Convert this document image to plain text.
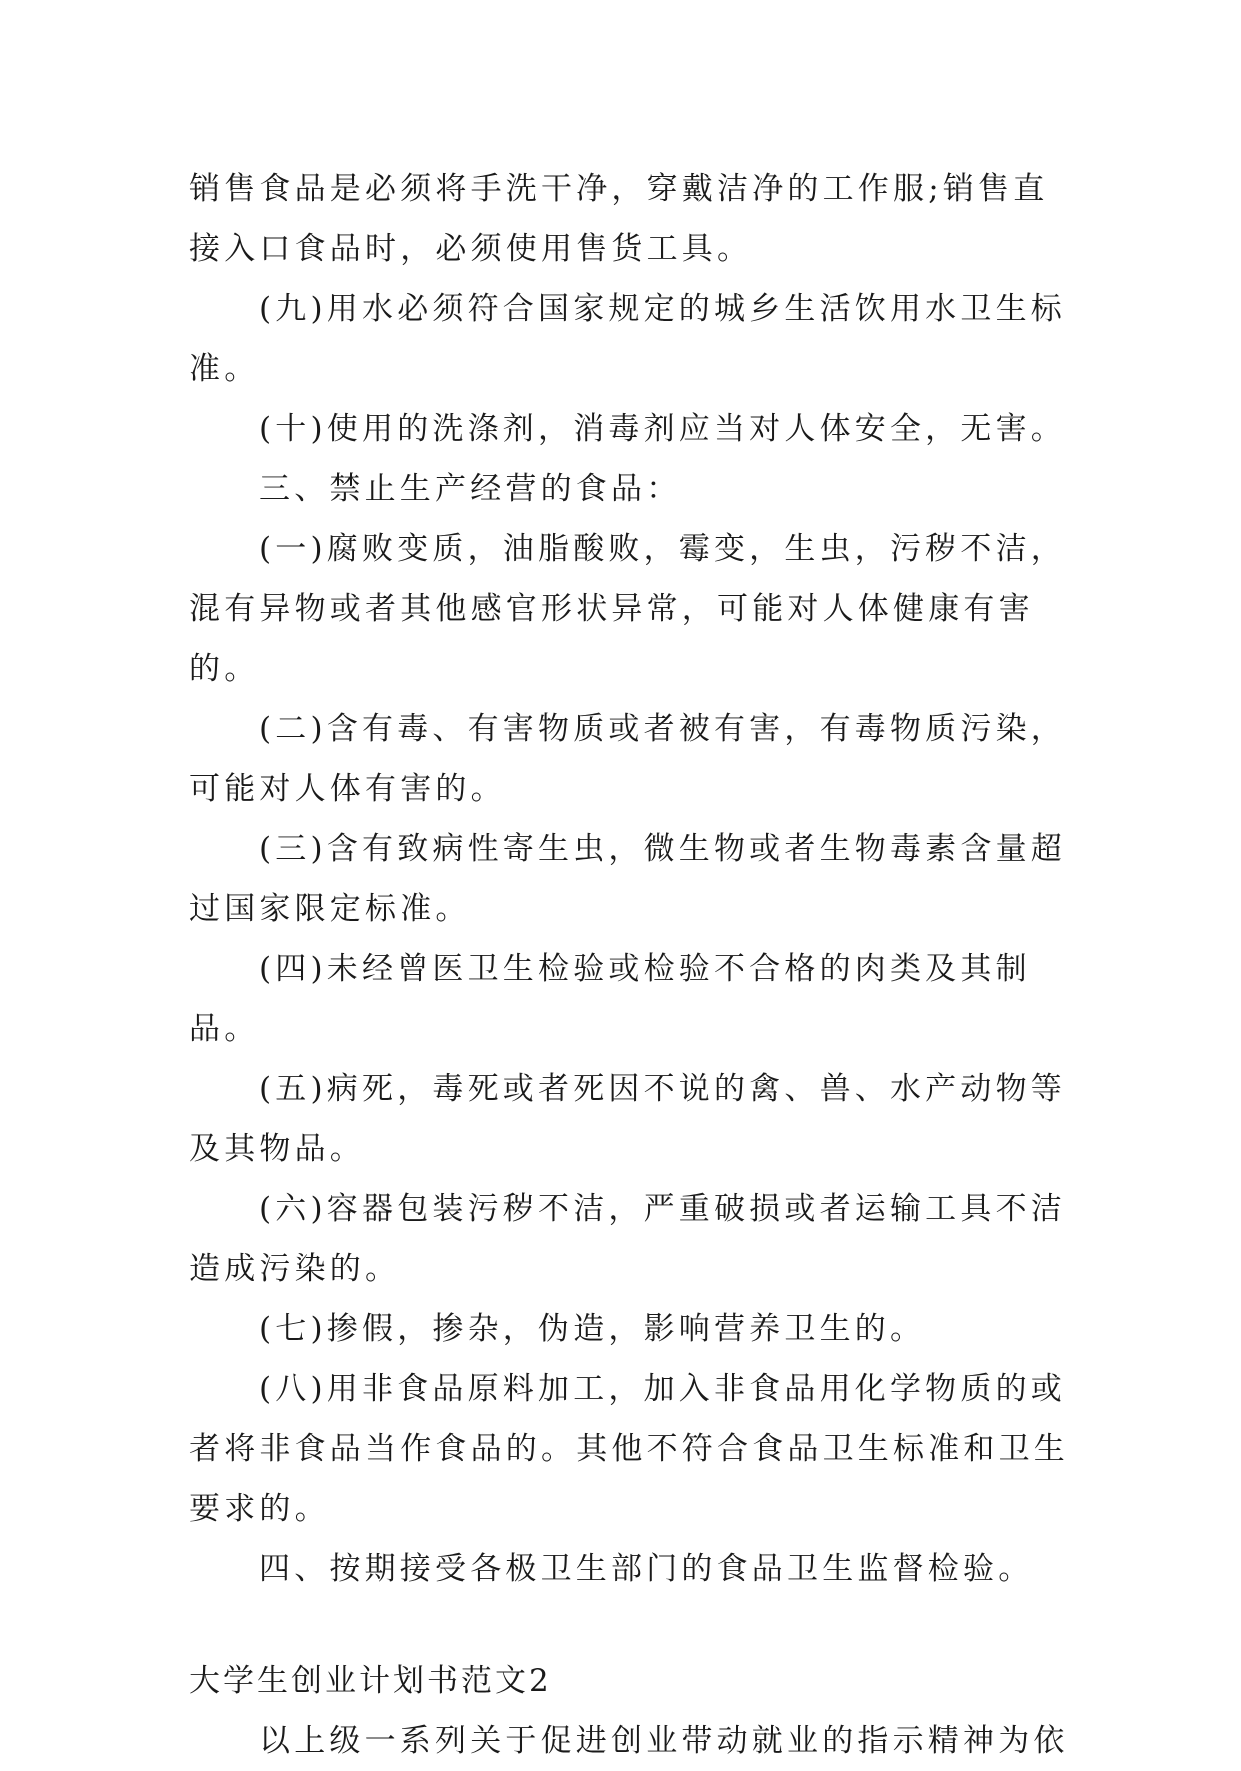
销售食品是必须将手洗干净，穿戴洁净的工作服;销售直接入口食品时，必须使用售货工具。

(九)用水必须符合国家规定的城乡生活饮用水卫生标准。

(十)使用的洗涤剂，消毒剂应当对人体安全，无害。

三、禁止生产经营的食品：

(一)腐败变质，油脂酸败，霉变，生虫，污秽不洁，混有异物或者其他感官形状异常，可能对人体健康有害的。

(二)含有毒、有害物质或者被有害，有毒物质污染，可能对人体有害的。

(三)含有致病性寄生虫，微生物或者生物毒素含量超过国家限定标准。

(四)未经曾医卫生检验或检验不合格的肉类及其制品。

(五)病死，毒死或者死因不说的禽、兽、水产动物等及其物品。

(六)容器包装污秽不洁，严重破损或者运输工具不洁造成污染的。

(七)掺假，掺杂，伪造，影响营养卫生的。

(八)用非食品原料加工，加入非食品用化学物质的或者将非食品当作食品的。其他不符合食品卫生标准和卫生要求的。

四、按期接受各极卫生部门的食品卫生监督检验。

大学生创业计划书范文2

以上级一系列关于促进创业带动就业的指示精神为依
